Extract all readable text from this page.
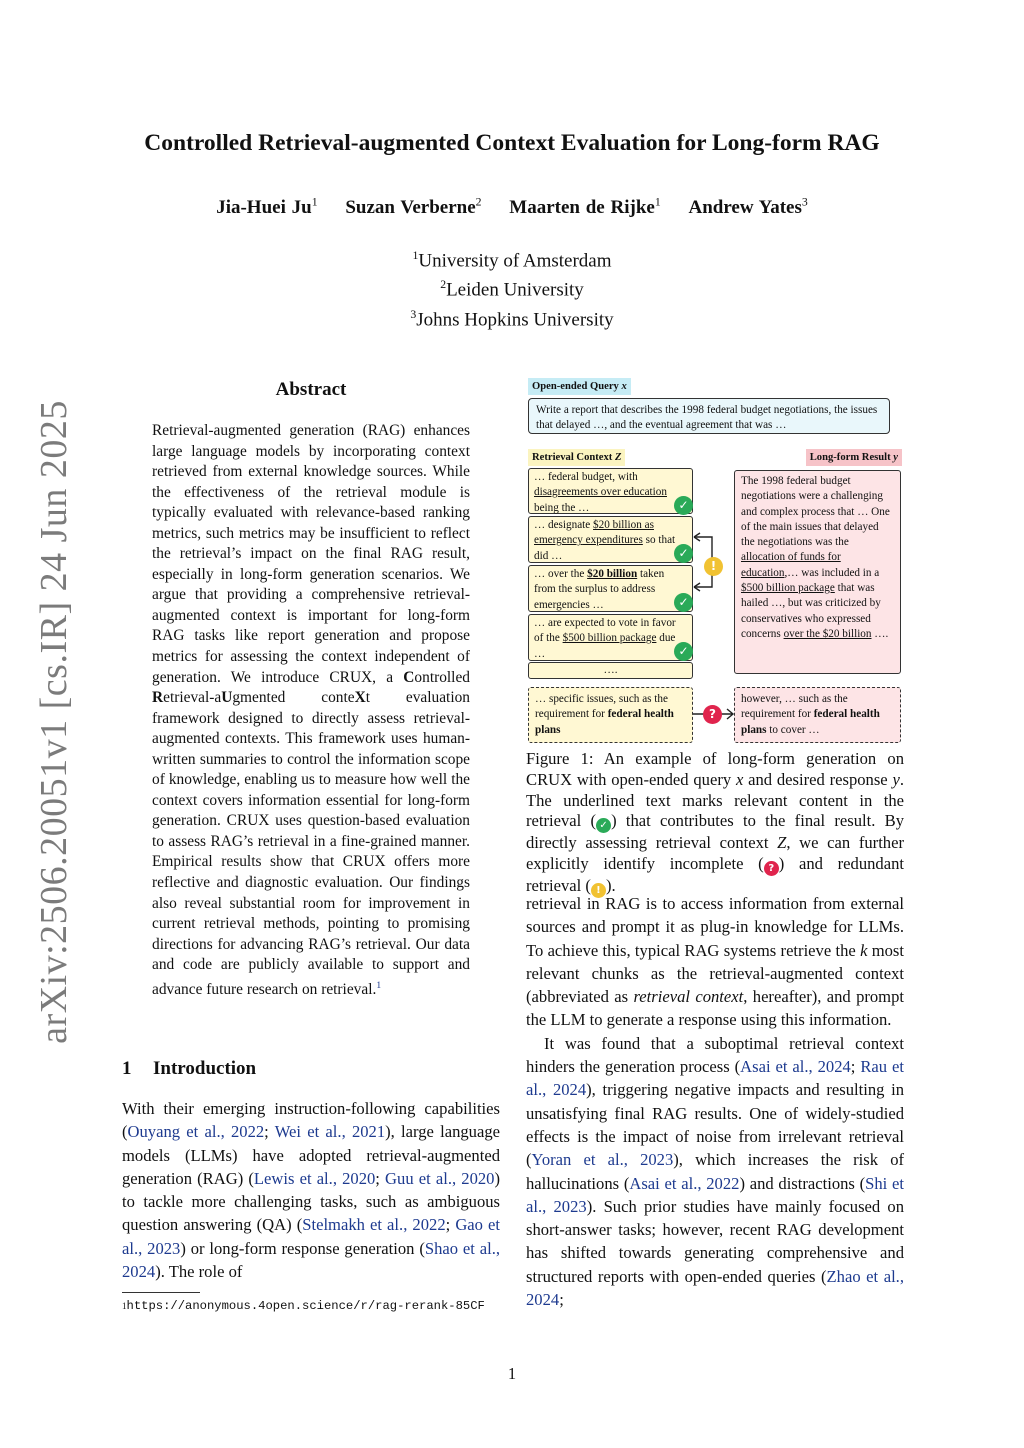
arXiv:2506.20051v1 [cs.IR] 24 Jun 2025
Controlled Retrieval-augmented Context Evaluation for Long-form RAG
Jia-Huei Ju$^1$ Suzan Verberne$^2$ Maarten de Rijke$^1$ Andrew Yates$^3$
$^1$University of Amsterdam
$^2$Leiden University
$^3$Johns Hopkins University
Abstract
Retrieval-augmented generation (RAG) enhances large language models by incorporating context retrieved from external knowledge sources. While the effectiveness of the retrieval module is typically evaluated with relevance-based ranking metrics, such metrics may be insufficient to reflect the retrieval’s impact on the final RAG result, especially in long-form generation scenarios. We argue that providing a comprehensive retrieval-augmented context is important for long-form RAG tasks like report generation and propose metrics for assessing the context independent of generation. We introduce CRUX, a Controlled Retrieval-aUgmented conteXt evaluation framework designed to directly assess retrieval-augmented contexts. This framework uses human-written summaries to control the information scope of knowledge, enabling us to measure how well the context covers information essential for long-form generation. CRUX uses question-based evaluation to assess RAG’s retrieval in a fine-grained manner. Empirical results show that CRUX offers more reflective and diagnostic evaluation. Our findings also reveal substantial room for improvement in current retrieval methods, pointing to promising directions for advancing RAG’s retrieval. Our data and code are publicly available to support and advance future research on retrieval.$^1$
1 Introduction
With their emerging instruction-following capabilities (Ouyang et al., 2022; Wei et al., 2021), large language models (LLMs) have adopted retrieval-augmented generation (RAG) (Lewis et al., 2020; Guu et al., 2020) to tackle more challenging tasks, such as ambiguous question answering (QA) (Stelmakh et al., 2022; Gao et al., 2023) or long-form response generation (Shao et al., 2024). The role of
$^1$https://anonymous.4open.science/r/rag-rerank-85CF
Open-ended Query x
Write a report that describes the 1998 federal budget negotiations, the issues that delayed …, and the eventual agreement that was …
Retrieval Context Z	Long-form Result y
… federal budget, with disagreements over education being the …
… designate $20 billion as emergency expenditures so that did …
… over the $20 billion taken from the surplus to address emergencies …
… are expected to vote in favor of the $500 billion package due …
….
✓
✓
✓
✓
!
The 1998 federal budget negotiations were a challenging and complex process that … One of the main issues that delayed the negotiations was the allocation of funds for education,… was included in a $500 billion package that was hailed …, but was criticized by conservatives who expressed concerns over the $20 billion ….
… specific issues, such as the requirement for federal health plans
?
however, … such as the requirement for federal health plans to cover …
Figure 1: An example of long-form generation on CRUX with open-ended query x and desired response y. The underlined text marks relevant content in the retrieval ( ✓ ) that contributes to the final result. By directly assessing retrieval context Z, we can further explicitly identify incomplete ( ? ) and redundant retrieval ( ! ).

retrieval in RAG is to access information from external sources and prompt it as plug-in knowledge for LLMs. To achieve this, typical RAG systems retrieve the k most relevant chunks as the retrieval-augmented context (abbreviated as retrieval context, hereafter), and prompt the LLM to generate a response using this information.

It was found that a suboptimal retrieval context hinders the generation process (Asai et al., 2024; Rau et al., 2024), triggering negative impacts and resulting in unsatisfying final RAG results. One of widely-studied effects is the impact of noise from irrelevant retrieval (Yoran et al., 2023), which increases the risk of hallucinations (Asai et al., 2022) and distractions (Shi et al., 2023). Such prior studies have mainly focused on short-answer tasks; however, recent RAG development has shifted towards generating comprehensive and structured reports with open-ended queries (Zhao et al., 2024;

1
